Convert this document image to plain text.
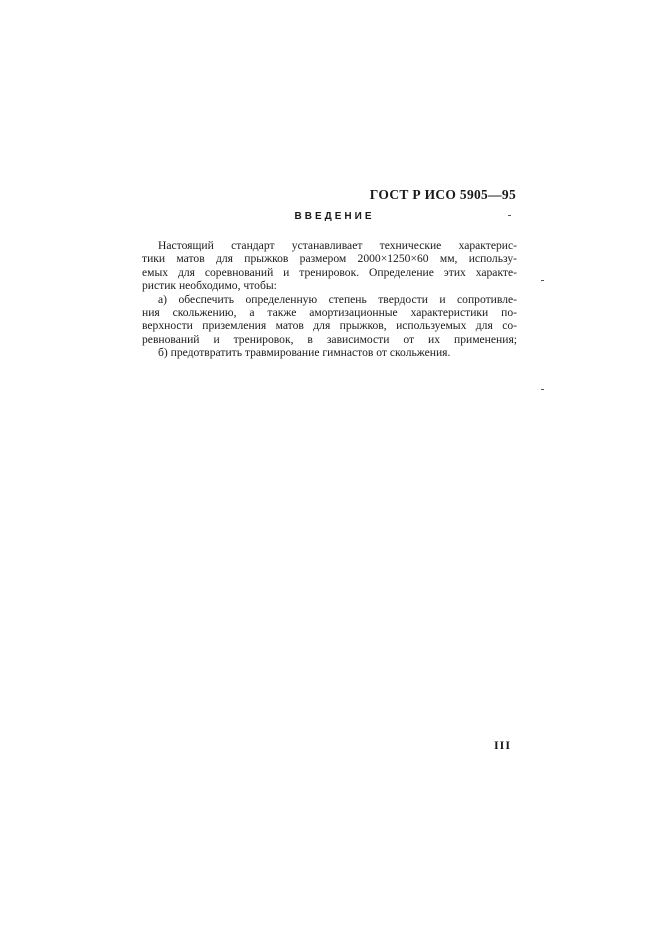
ГОСТ Р ИСО 5905—95
ВВЕДЕНИЕ
Настоящий стандарт устанавливает технические характерис-
тики матов для прыжков размером 2000×1250×60 мм, использу-
емых для соревнований и тренировок. Определение этих характе-
ристик необходимо, чтобы:
а) обеспечить определенную степень твердости и сопротивле-
ния скольжению, а также амортизационные характеристики по-
верхности приземления матов для прыжков, используемых для со-
ревнований и тренировок, в зависимости от их применения;
б) предотвратить травмирование гимнастов от скольжения.
III
